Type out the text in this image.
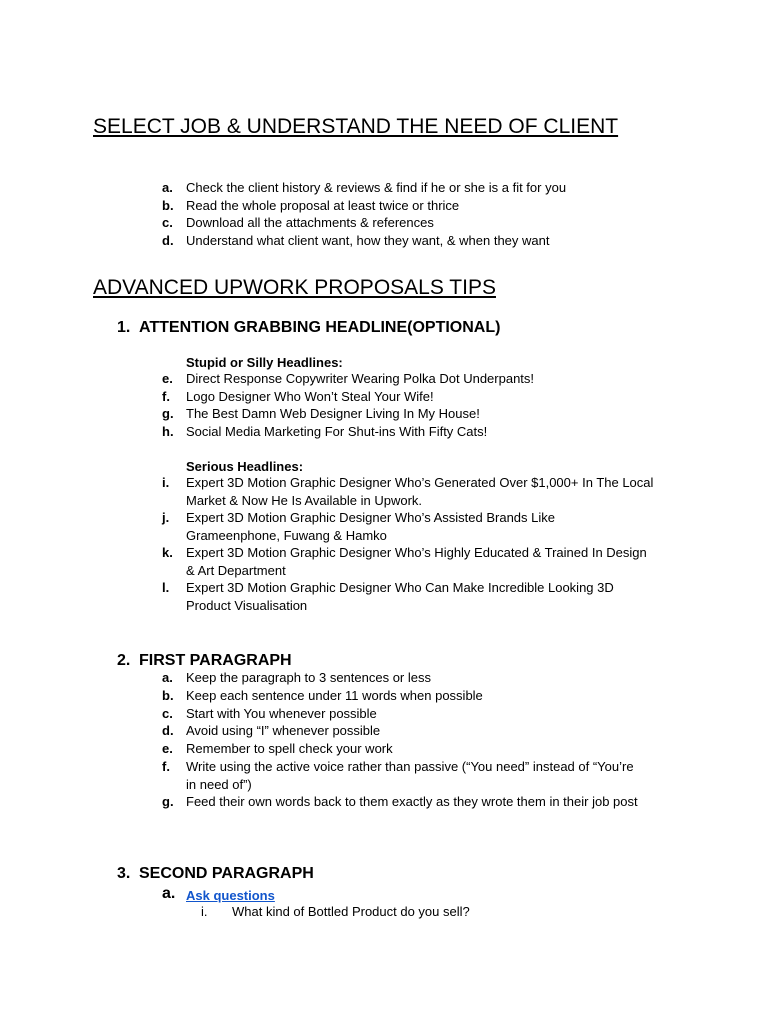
SELECT JOB & UNDERSTAND THE NEED OF CLIENT
a. Check the client history & reviews & find if he or she is a fit for you
b. Read the whole proposal at least twice or thrice
c. Download all the attachments & references
d. Understand what client want, how they want, & when they want
ADVANCED UPWORK PROPOSALS TIPS
1. ATTENTION GRABBING HEADLINE(OPTIONAL)
Stupid or Silly Headlines:
e. Direct Response Copywriter Wearing Polka Dot Underpants!
f. Logo Designer Who Won’t Steal Your Wife!
g. The Best Damn Web Designer Living In My House!
h. Social Media Marketing For Shut-ins With Fifty Cats!
Serious Headlines:
i. Expert 3D Motion Graphic Designer Who’s Generated Over $1,000+ In The Local Market & Now He Is Available in Upwork.
j. Expert 3D Motion Graphic Designer Who’s Assisted Brands Like Grameenphone, Fuwang & Hamko
k. Expert 3D Motion Graphic Designer Who’s Highly Educated & Trained In Design & Art Department
l. Expert 3D Motion Graphic Designer Who Can Make Incredible Looking 3D Product Visualisation
2. FIRST PARAGRAPH
a. Keep the paragraph to 3 sentences or less
b. Keep each sentence under 11 words when possible
c. Start with You whenever possible
d. Avoid using “I” whenever possible
e. Remember to spell check your work
f. Write using the active voice rather than passive (“You need” instead of “You’re in need of”)
g. Feed their own words back to them exactly as they wrote them in their job post
3. SECOND PARAGRAPH
a. Ask questions
i. What kind of Bottled Product do you sell?
